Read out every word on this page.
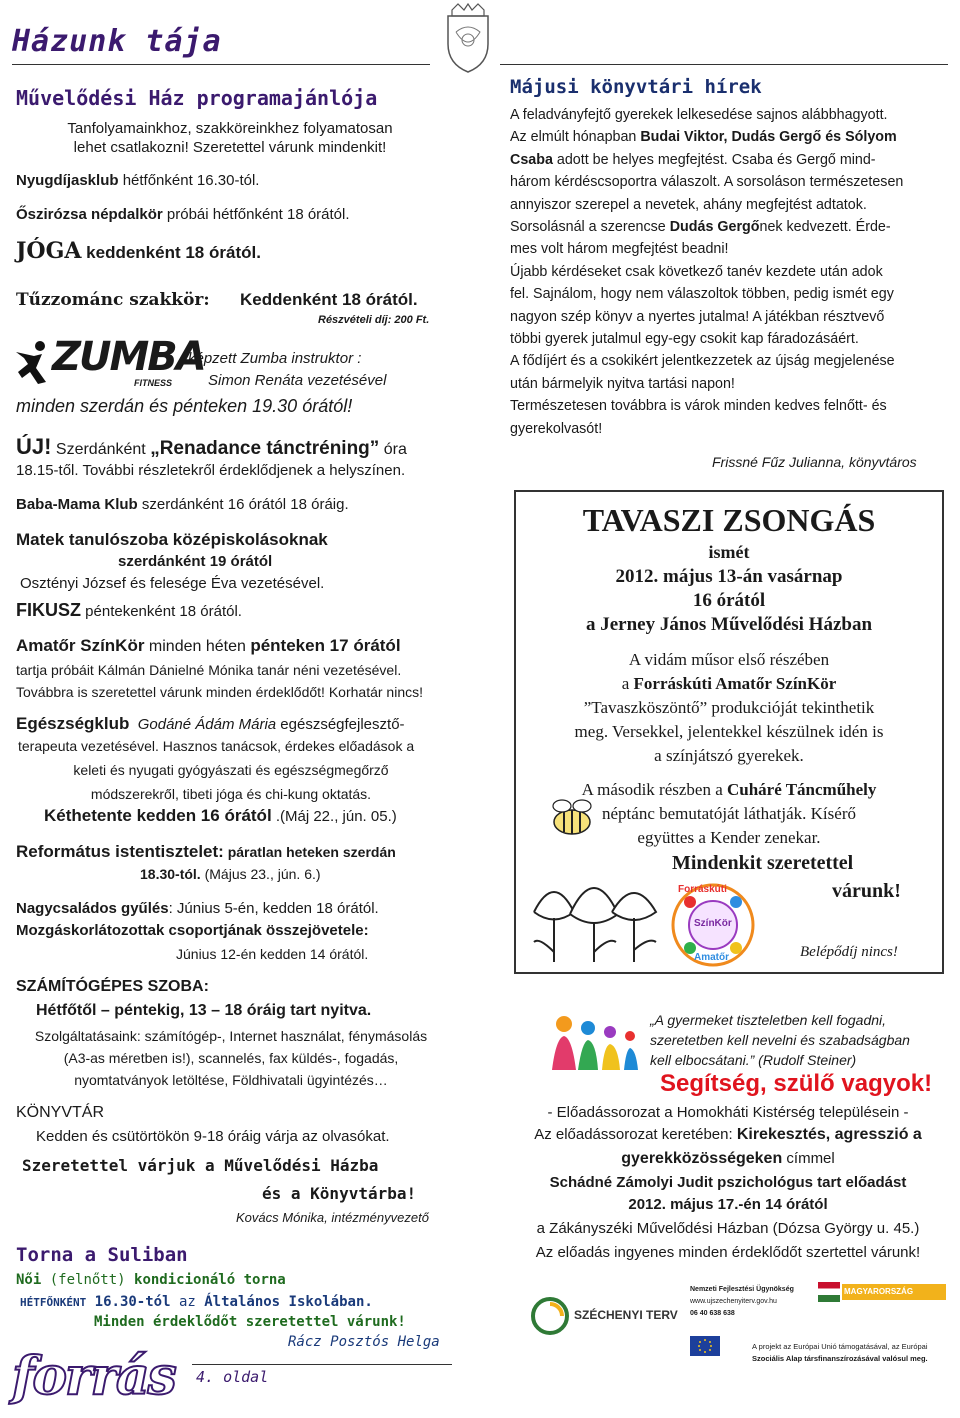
Házunk tája
Művelődési Ház programajánlója
Tanfolyamainkhoz, szakköreinkhez folyamatosan
lehet csatlakozni! Szeretettel várunk mindenkit!
Nyugdíjasklub hétfőnként 16.30-tól.
Őszirózsa népdalkör próbái hétfőnként 18 órától.
JÓGA keddenként 18 órától.
Tűzzománc szakkör: Keddenként 18 órától.
Részvételi díj: 200 Ft.
ZUMBA
FITNESS
képzett Zumba instruktor :
Simon Renáta vezetésével
minden szerdán és pénteken 19.30 órától!
ÚJ! Szerdánként „Renadance tánctréning” óra
18.15-től. További részletekről érdeklődjenek a helyszínen.
Baba-Mama Klub szerdánként 16 órától 18 óráig.
Matek tanulószoba középiskolásoknak
szerdánként 19 órától
Osztényi József és felesége Éva vezetésével.
FIKUSZ péntekenként 18 órától.
Amatőr SzínKör minden héten pénteken 17 órától
tartja próbáit Kálmán Dánielné Mónika tanár néni vezetésével.
Továbbra is szeretettel várunk minden érdeklődőt! Korhatár nincs!
Egészségklub Godáné Ádám Mária egészségfejlesztő-
terapeuta vezetésével. Hasznos tanácsok, érdekes előadások a
keleti és nyugati gyógyászati és egészségmegőrző
módszerekről, tibeti jóga és chi-kung oktatás.
Kéthetente kedden 16 órától .(Máj 22., jún. 05.)
Református istentisztelet: páratlan heteken szerdán
18.30-tól. (Május 23., jún. 6.)
Nagycsaládos gyűlés: Június 5-én, kedden 18 órától.
Mozgáskorlátozottak csoportjának összejövetele:
Június 12-én kedden 14 órától.
SZÁMÍTÓGÉPES SZOBA:
Hétfőtől – péntekig, 13 – 18 óráig tart nyitva.
Szolgáltatásaink: számítógép-, Internet használat, fénymásolás
(A3-as méretben is!), scannelés, fax küldés-, fogadás,
nyomtatványok letöltése, Földhivatali ügyintézés…
KÖNYVTÁR
Kedden és csütörtökön 9-18 óráig várja az olvasókat.
Szeretettel várjuk a Művelődési Házba
és a Könyvtárba!
Kovács Mónika, intézményvezető
Torna a Suliban
Női (felnőtt) kondicionáló torna
HÉTFŐNKÉNT 16.30-tól az Általános Iskolában.
Minden érdeklődőt szeretettel várunk!
Rácz Posztós Helga
forrás 4. oldal
Májusi könyvtári hírek

A feladványfejtő gyerekek lelkesedése sajnos alábbhagyott.

Az elmúlt hónapban Budai Viktor, Dudás Gergő és Sólyom

Csaba adott be helyes megfejtést. Csaba és Gergő mind-

három kérdéscsoportra válaszolt. A sorsoláson természetesen

annyiszor szerepel a nevetek, ahány megfejtést adtatok.

Sorsolásnál a szerencse Dudás Gergőnek kedvezett. Érde-

mes volt három megfejtést beadni!

Újabb kérdéseket csak következő tanév kezdete után adok

fel. Sajnálom, hogy nem válaszoltok többen, pedig ismét egy

nagyon szép könyv a nyertes jutalma! A játékban résztvevő

többi gyerek jutalmul egy-egy csokit kap fáradozásáért.

A fődíjért és a csokikért jelentkezzetek az újság megjelenése

után bármelyik nyitva tartási napon!

Természetesen továbbra is várok minden kedves felnőtt- és

gyerekolvasót!

Frissné Fűz Julianna, könyvtáros
TAVASZI ZSONGÁS
ismét
2012. május 13-án vasárnap
16 órától
a Jerney János Művelődési Házban
A vidám műsor első részében
a Forráskúti Amatőr SzínKör
”Tavaszköszöntő” produkcióját tekinthetik
meg. Versekkel, jelentekkel készülnek idén is
a színjátszó gyerekek.
A második részben a Cuháré Táncműhely
néptánc bemutatóját láthatják. Kísérő
együttes a Kender zenekar.
Mindenkit szeretettel
várunk!
Belépődíj nincs!
Forráskúti
SzínKör
Amatőr
„A gyermeket tiszteletben kell fogadni,
szeretetben kell nevelni és szabadságban
kell elbocsátani.” (Rudolf Steiner)
Segítség, szülő vagyok!
- Előadássorozat a Homokháti Kistérség településein -
Az előadássorozat keretében: Kirekesztés, agresszió a
gyerekközösségeken címmel
Schádné Zámolyi Judit pszichológus tart előadást
2012. május 17.-én 14 órától
a Zákányszéki Művelődési Házban (Dózsa György u. 45.)
Az előadás ingyenes minden érdeklődőt szertettel várunk!
SZÉCHENYI TERV
Nemzeti Fejlesztési Ügynökség
www.ujszechenyiterv.gov.hu
06 40 638 638
MAGYARORSZÁG MEGÚJUL
A projekt az Európai Unió támogatásával, az Európai
Szociális Alap társfinanszírozásával valósul meg.
